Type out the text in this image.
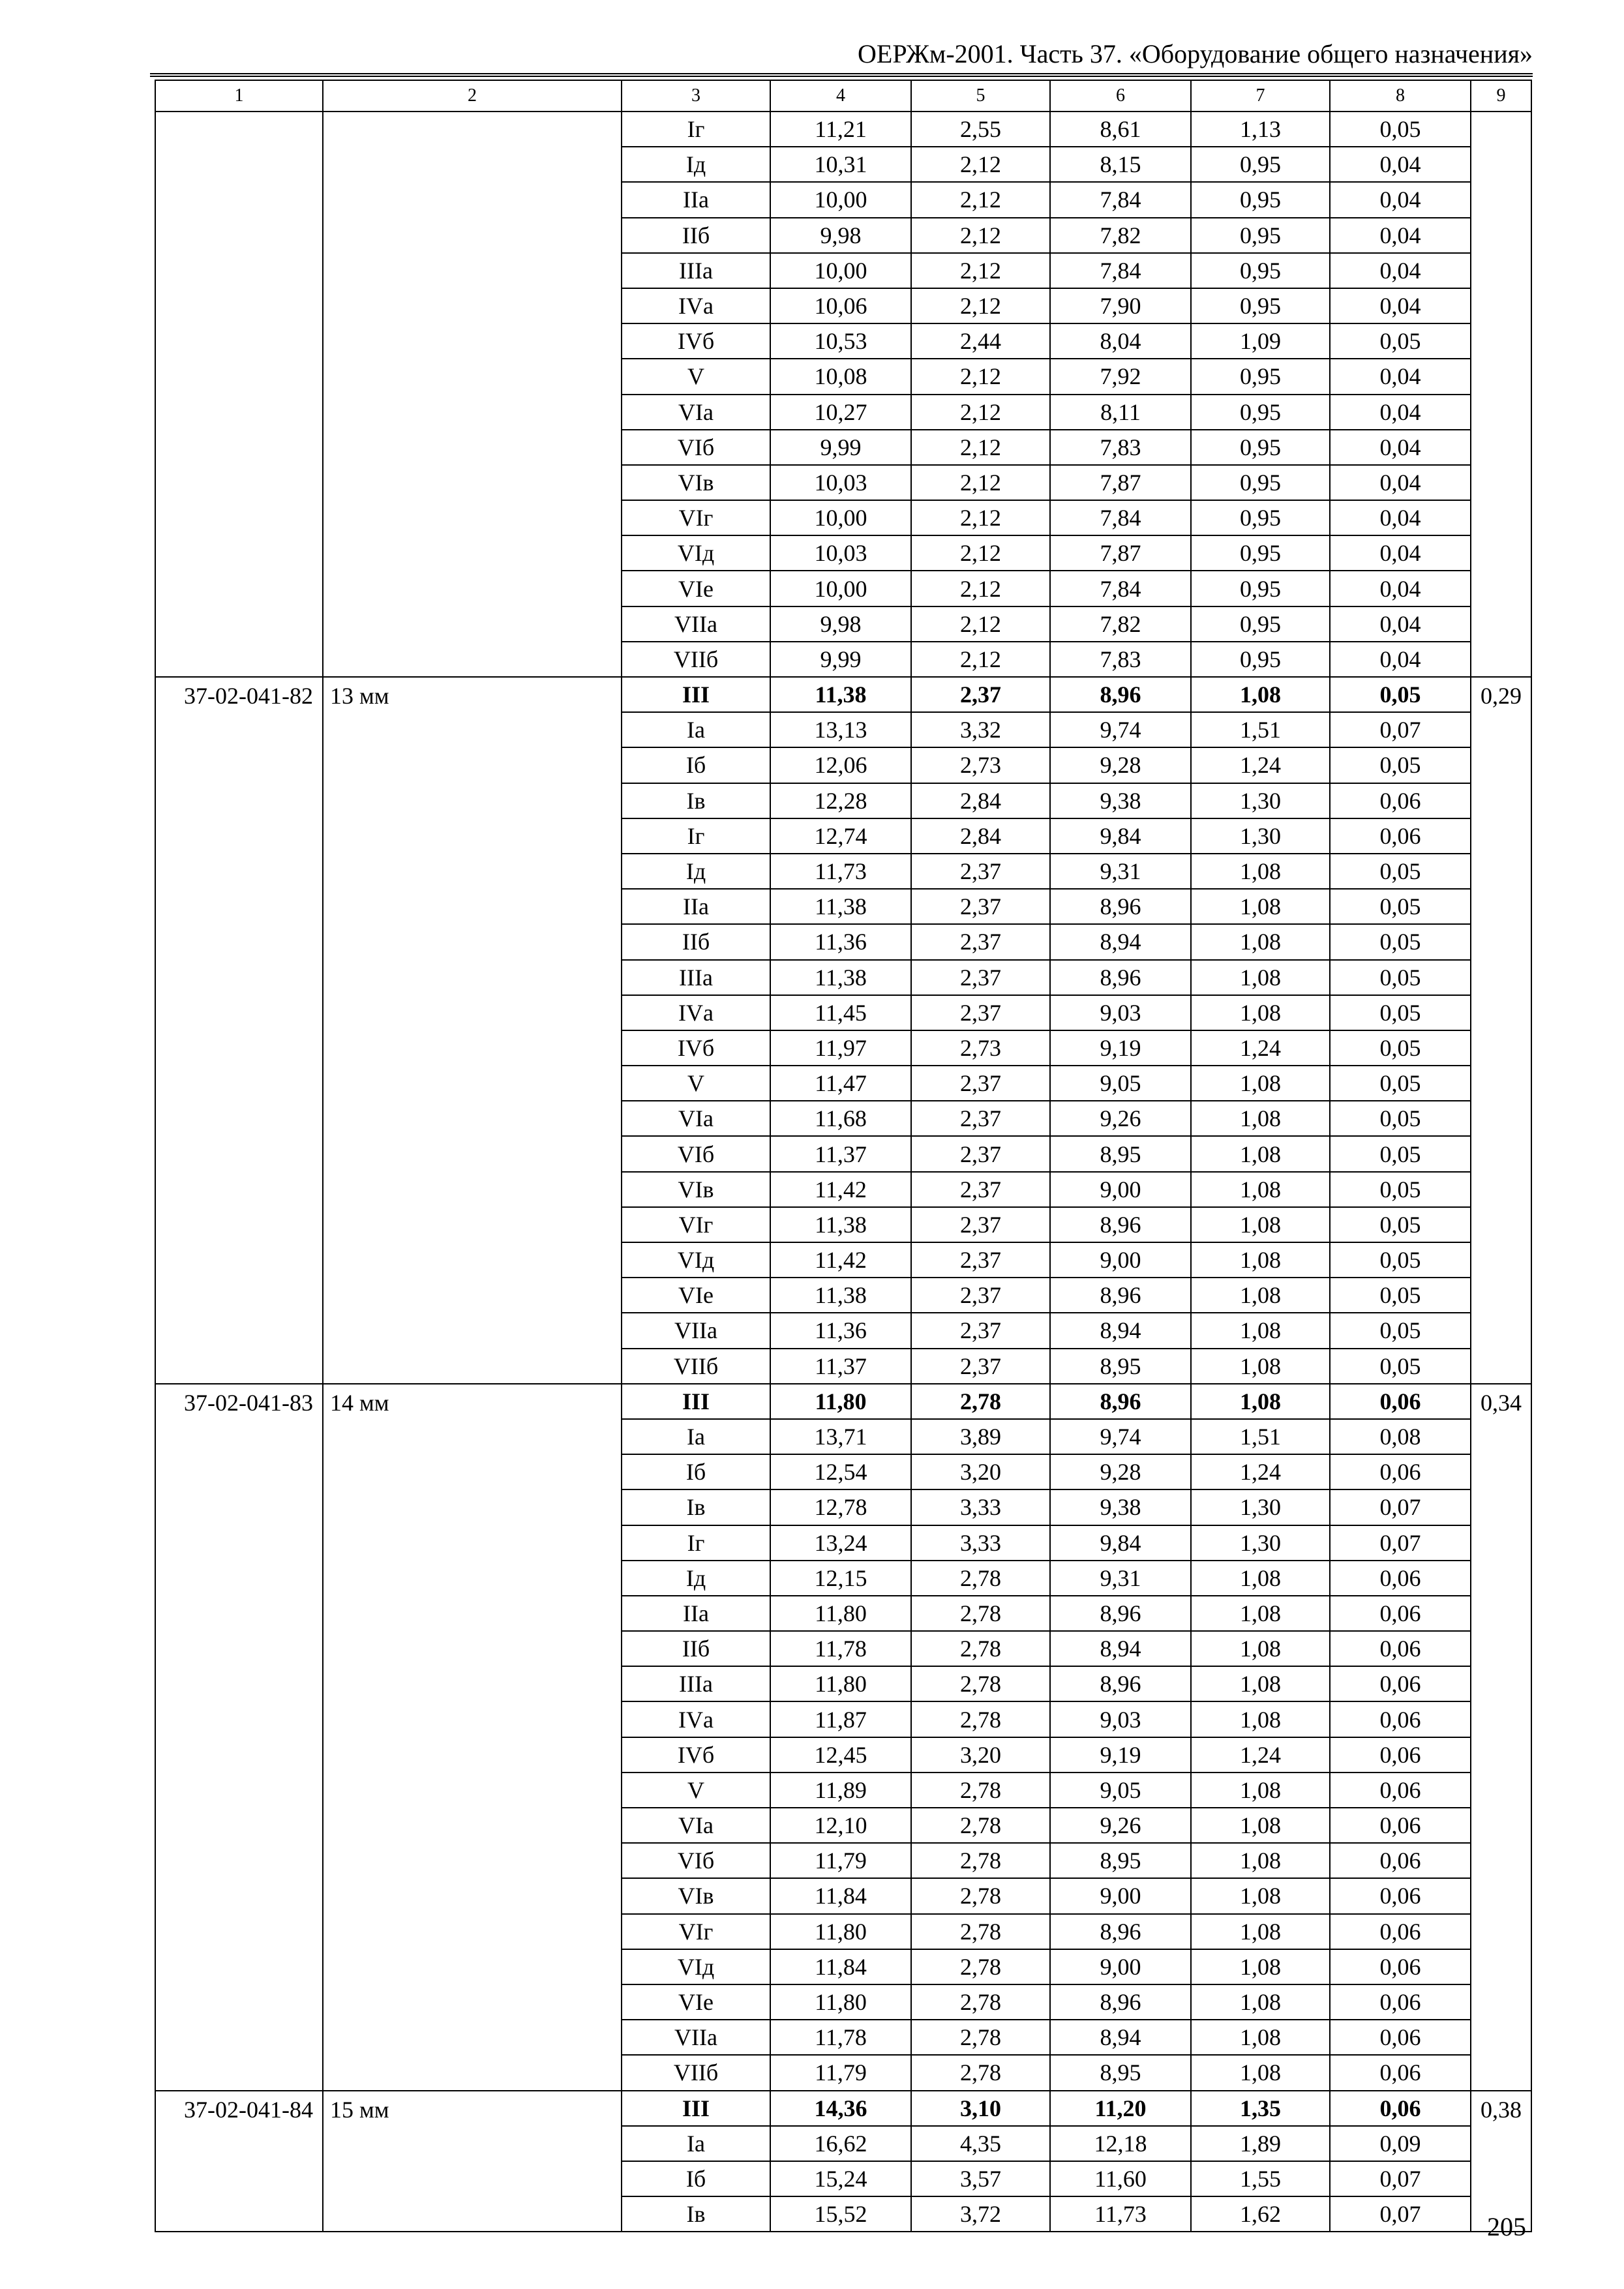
ОЕРЖм-2001. Часть 37. «Оборудование общего назначения»
1	2	3	4	5	6	7	8	9
		Iг	11,21	2,55	8,61	1,13	0,05	
		Iд	10,31	2,12	8,15	0,95	0,04	
		IIа	10,00	2,12	7,84	0,95	0,04	
		IIб	9,98	2,12	7,82	0,95	0,04	
		IIIа	10,00	2,12	7,84	0,95	0,04	
		IVа	10,06	2,12	7,90	0,95	0,04	
		IVб	10,53	2,44	8,04	1,09	0,05	
		V	10,08	2,12	7,92	0,95	0,04	
		VIа	10,27	2,12	8,11	0,95	0,04	
		VIб	9,99	2,12	7,83	0,95	0,04	
		VIв	10,03	2,12	7,87	0,95	0,04	
		VIг	10,00	2,12	7,84	0,95	0,04	
		VIд	10,03	2,12	7,87	0,95	0,04	
		VIе	10,00	2,12	7,84	0,95	0,04	
		VIIа	9,98	2,12	7,82	0,95	0,04	
		VIIб	9,99	2,12	7,83	0,95	0,04	
37-02-041-82	13 мм	III	11,38	2,37	8,96	1,08	0,05	0,29
		Iа	13,13	3,32	9,74	1,51	0,07	
		Iб	12,06	2,73	9,28	1,24	0,05	
		Iв	12,28	2,84	9,38	1,30	0,06	
		Iг	12,74	2,84	9,84	1,30	0,06	
		Iд	11,73	2,37	9,31	1,08	0,05	
		IIа	11,38	2,37	8,96	1,08	0,05	
		IIб	11,36	2,37	8,94	1,08	0,05	
		IIIа	11,38	2,37	8,96	1,08	0,05	
		IVа	11,45	2,37	9,03	1,08	0,05	
		IVб	11,97	2,73	9,19	1,24	0,05	
		V	11,47	2,37	9,05	1,08	0,05	
		VIа	11,68	2,37	9,26	1,08	0,05	
		VIб	11,37	2,37	8,95	1,08	0,05	
		VIв	11,42	2,37	9,00	1,08	0,05	
		VIг	11,38	2,37	8,96	1,08	0,05	
		VIд	11,42	2,37	9,00	1,08	0,05	
		VIе	11,38	2,37	8,96	1,08	0,05	
		VIIа	11,36	2,37	8,94	1,08	0,05	
		VIIб	11,37	2,37	8,95	1,08	0,05	
37-02-041-83	14 мм	III	11,80	2,78	8,96	1,08	0,06	0,34
		Iа	13,71	3,89	9,74	1,51	0,08	
		Iб	12,54	3,20	9,28	1,24	0,06	
		Iв	12,78	3,33	9,38	1,30	0,07	
		Iг	13,24	3,33	9,84	1,30	0,07	
		Iд	12,15	2,78	9,31	1,08	0,06	
		IIа	11,80	2,78	8,96	1,08	0,06	
		IIб	11,78	2,78	8,94	1,08	0,06	
		IIIа	11,80	2,78	8,96	1,08	0,06	
		IVа	11,87	2,78	9,03	1,08	0,06	
		IVб	12,45	3,20	9,19	1,24	0,06	
		V	11,89	2,78	9,05	1,08	0,06	
		VIа	12,10	2,78	9,26	1,08	0,06	
		VIб	11,79	2,78	8,95	1,08	0,06	
		VIв	11,84	2,78	9,00	1,08	0,06	
		VIг	11,80	2,78	8,96	1,08	0,06	
		VIд	11,84	2,78	9,00	1,08	0,06	
		VIе	11,80	2,78	8,96	1,08	0,06	
		VIIа	11,78	2,78	8,94	1,08	0,06	
		VIIб	11,79	2,78	8,95	1,08	0,06	
37-02-041-84	15 мм	III	14,36	3,10	11,20	1,35	0,06	0,38
		Iа	16,62	4,35	12,18	1,89	0,09	
		Iб	15,24	3,57	11,60	1,55	0,07	
		Iв	15,52	3,72	11,73	1,62	0,07		205
